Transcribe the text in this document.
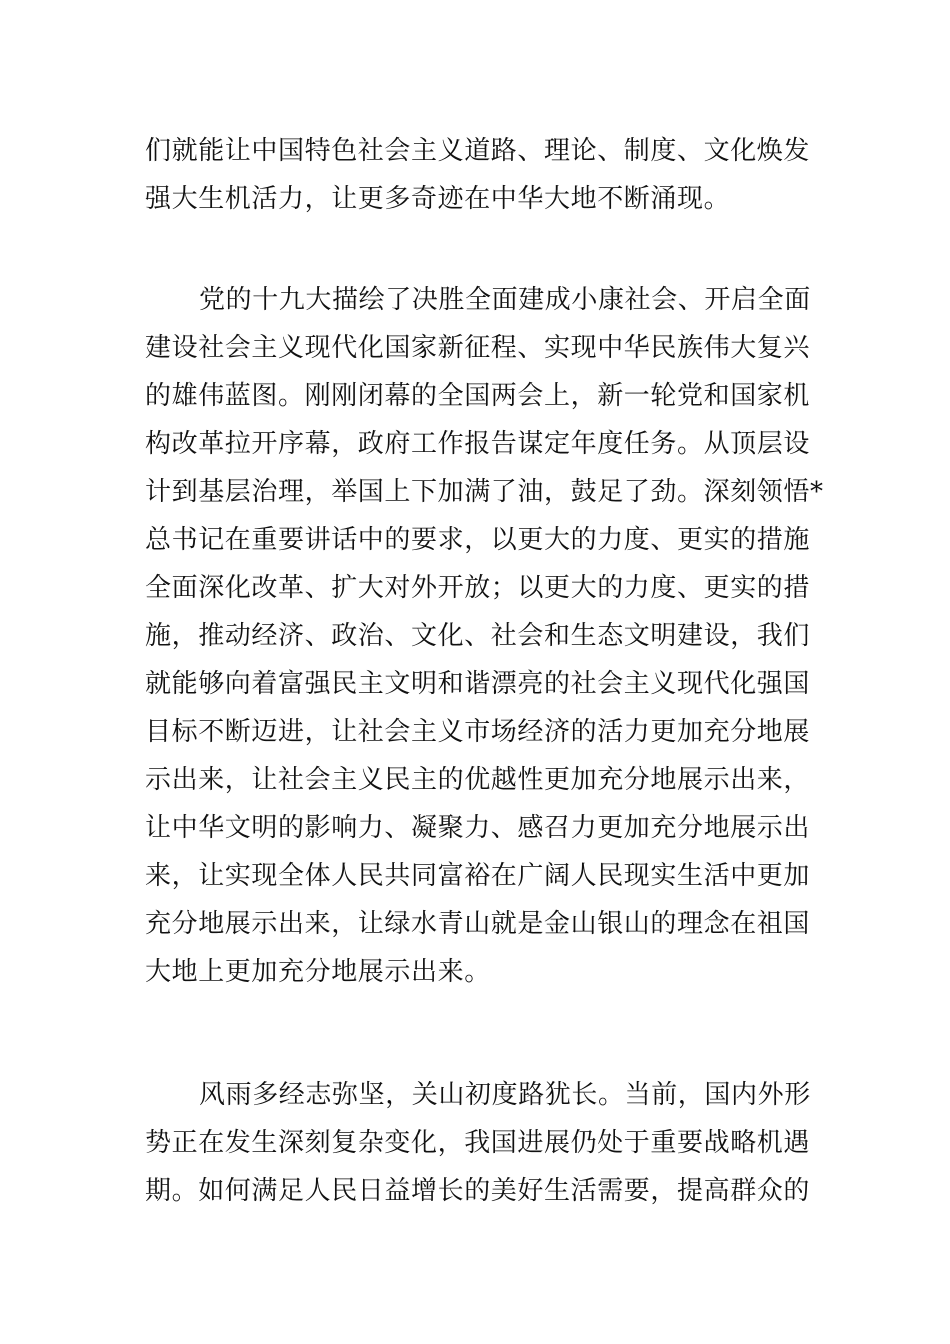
们就能让中国特色社会主义道路、理论、制度、文化焕发
强大生机活力，让更多奇迹在中华大地不断涌现。
党的十九大描绘了决胜全面建成小康社会、开启全面
建设社会主义现代化国家新征程、实现中华民族伟大复兴
的雄伟蓝图。刚刚闭幕的全国两会上，新一轮党和国家机
构改革拉开序幕，政府工作报告谋定年度任务。从顶层设
计到基层治理，举国上下加满了油，鼓足了劲。深刻领悟*
总书记在重要讲话中的要求，以更大的力度、更实的措施
全面深化改革、扩大对外开放；以更大的力度、更实的措
施，推动经济、政治、文化、社会和生态文明建设，我们
就能够向着富强民主文明和谐漂亮的社会主义现代化强国
目标不断迈进，让社会主义市场经济的活力更加充分地展
示出来，让社会主义民主的优越性更加充分地展示出来，
让中华文明的影响力、凝聚力、感召力更加充分地展示出
来，让实现全体人民共同富裕在广阔人民现实生活中更加
充分地展示出来，让绿水青山就是金山银山的理念在祖国
大地上更加充分地展示出来。
风雨多经志弥坚，关山初度路犹长。当前，国内外形
势正在发生深刻复杂变化，我国进展仍处于重要战略机遇
期。如何满足人民日益增长的美好生活需要，提高群众的
